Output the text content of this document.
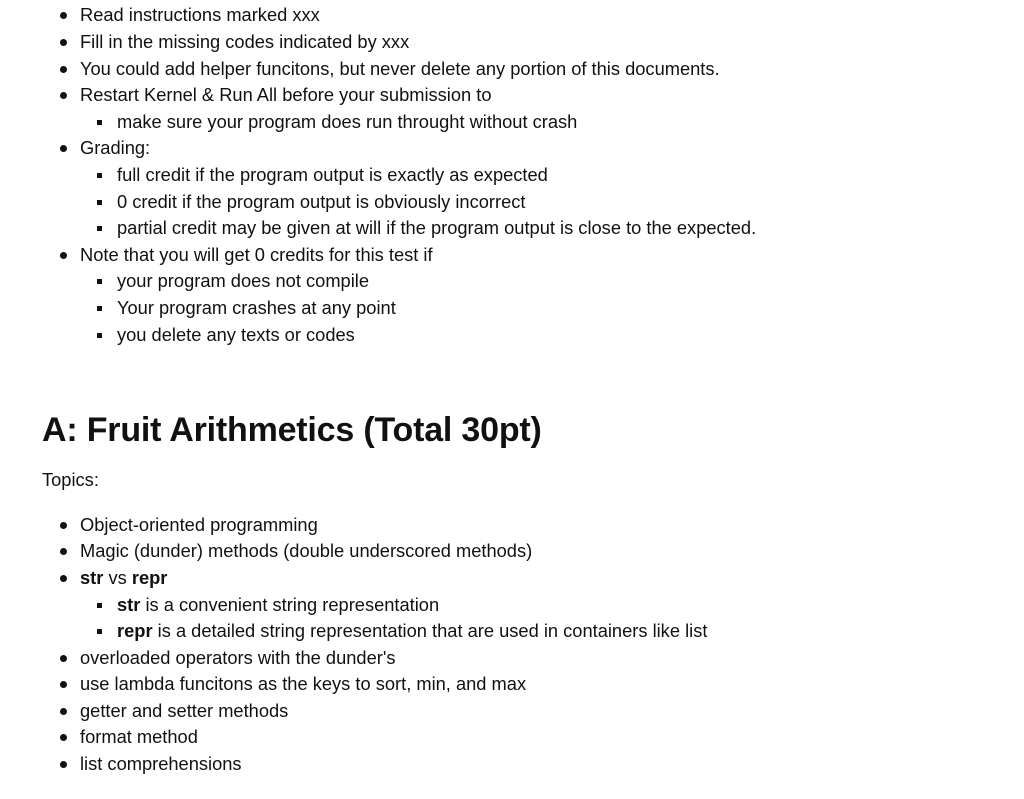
Read instructions marked xxx
Fill in the missing codes indicated by xxx
You could add helper funcitons, but never delete any portion of this documents.
Restart Kernel & Run All before your submission to
make sure your program does run throught without crash
Grading:
full credit if the program output is exactly as expected
0 credit if the program output is obviously incorrect
partial credit may be given at will if the program output is close to the expected.
Note that you will get 0 credits for this test if
your program does not compile
Your program crashes at any point
you delete any texts or codes
A: Fruit Arithmetics (Total 30pt)
Topics:
Object-oriented programming
Magic (dunder) methods (double underscored methods)
str vs repr
str is a convenient string representation
repr is a detailed string representation that are used in containers like list
overloaded operators with the dunder's
use lambda funcitons as the keys to sort, min, and max
getter and setter methods
format method
list comprehensions
